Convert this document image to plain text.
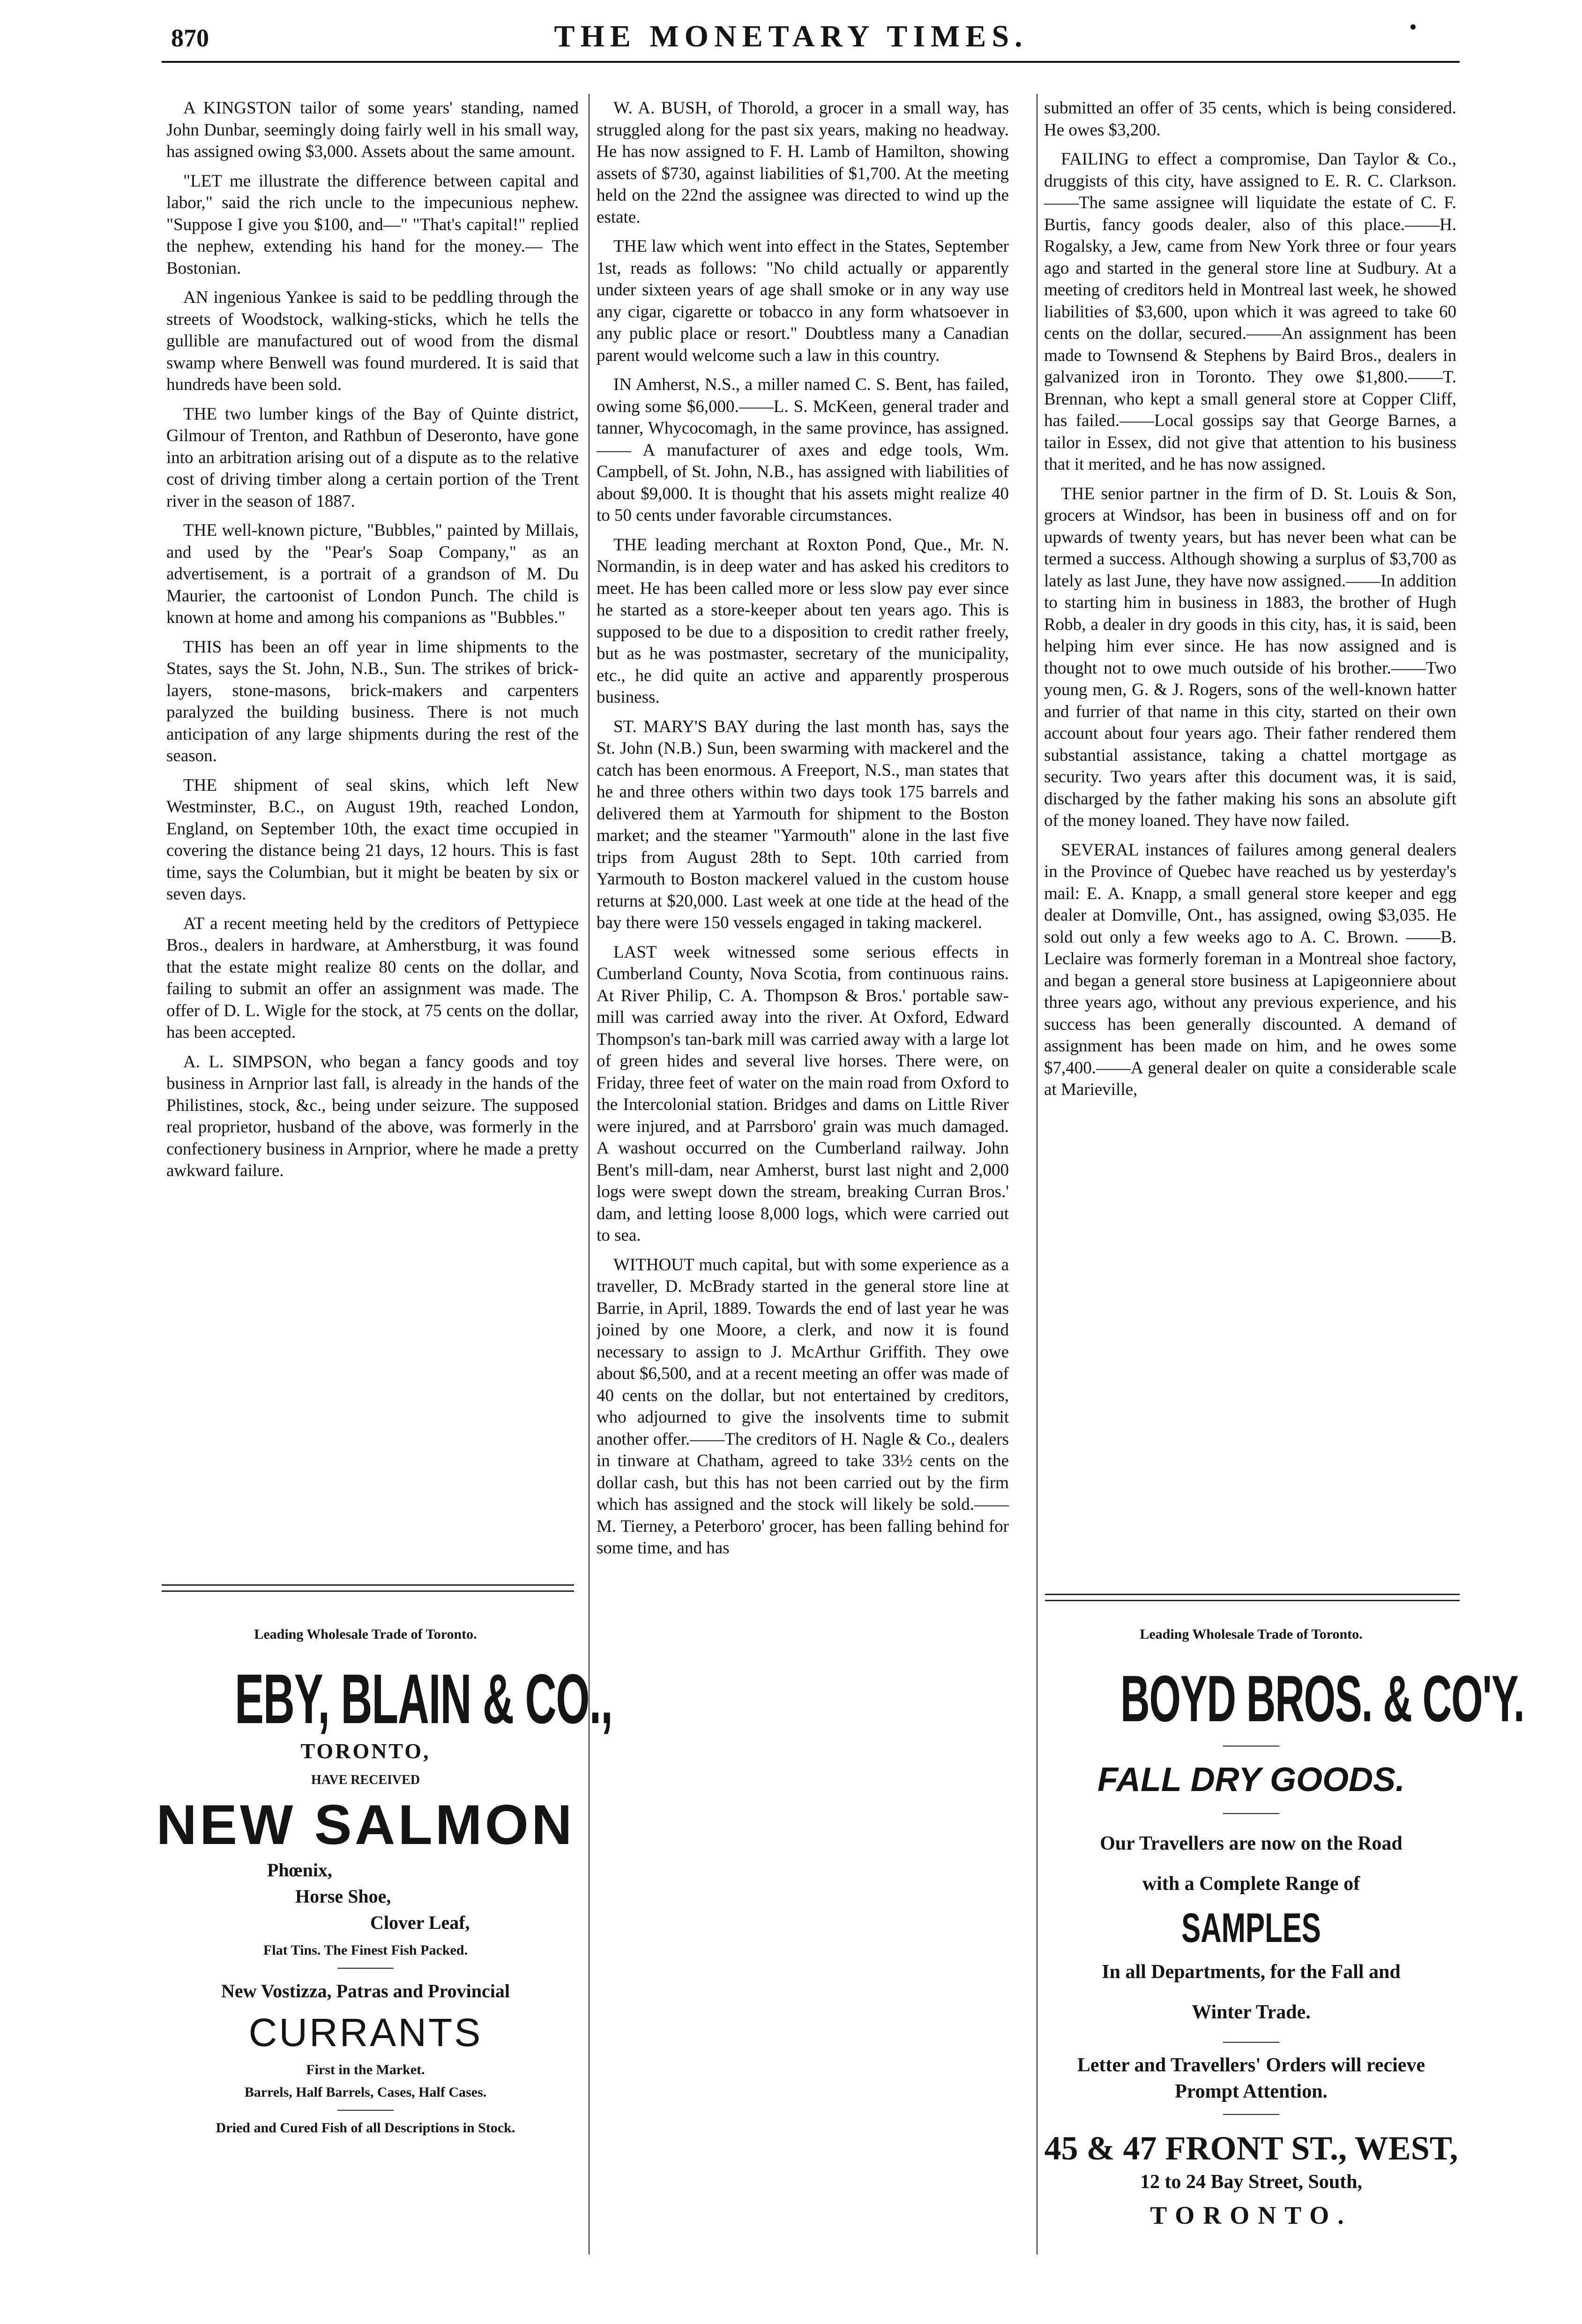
870	THE MONETARY TIMES.

A KINGSTON tailor of some years' standing, named John Dunbar, seemingly doing fairly well in his small way, has assigned owing $3,000. Assets about the same amount.

"LET me illustrate the difference between capital and labor," said the rich uncle to the impecunious nephew. "Suppose I give you $100, and—" "That's capital!" replied the nephew, extending his hand for the money.— The Bostonian.

AN ingenious Yankee is said to be peddling through the streets of Woodstock, walking-sticks, which he tells the gullible are manufactured out of wood from the dismal swamp where Benwell was found murdered. It is said that hundreds have been sold.

THE two lumber kings of the Bay of Quinte district, Gilmour of Trenton, and Rathbun of Deseronto, have gone into an arbitration arising out of a dispute as to the relative cost of driving timber along a certain portion of the Trent river in the season of 1887.

THE well-known picture, "Bubbles," painted by Millais, and used by the "Pear's Soap Company," as an advertisement, is a portrait of a grandson of M. Du Maurier, the cartoonist of London Punch. The child is known at home and among his companions as "Bubbles."

THIS has been an off year in lime shipments to the States, says the St. John, N.B., Sun. The strikes of brick-layers, stone-masons, brick-makers and carpenters paralyzed the building business. There is not much anticipation of any large shipments during the rest of the season.

THE shipment of seal skins, which left New Westminster, B.C., on August 19th, reached London, England, on September 10th, the exact time occupied in covering the distance being 21 days, 12 hours. This is fast time, says the Columbian, but it might be beaten by six or seven days.

AT a recent meeting held by the creditors of Pettypiece Bros., dealers in hardware, at Amherstburg, it was found that the estate might realize 80 cents on the dollar, and failing to submit an offer an assignment was made. The offer of D. L. Wigle for the stock, at 75 cents on the dollar, has been accepted.

A. L. SIMPSON, who began a fancy goods and toy business in Arnprior last fall, is already in the hands of the Philistines, stock, &c., being under seizure. The supposed real proprietor, husband of the above, was formerly in the confectionery business in Arnprior, where he made a pretty awkward failure.

W. A. BUSH, of Thorold, a grocer in a small way, has struggled along for the past six years, making no headway. He has now assigned to F. H. Lamb of Hamilton, showing assets of $730, against liabilities of $1,700. At the meeting held on the 22nd the assignee was directed to wind up the estate.

THE law which went into effect in the States, September 1st, reads as follows: "No child actually or apparently under sixteen years of age shall smoke or in any way use any cigar, cigarette or tobacco in any form whatsoever in any public place or resort." Doubtless many a Canadian parent would welcome such a law in this country.

IN Amherst, N.S., a miller named C. S. Bent, has failed, owing some $6,000.——L. S. McKeen, general trader and tanner, Whycocomagh, in the same province, has assigned.—— A manufacturer of axes and edge tools, Wm. Campbell, of St. John, N.B., has assigned with liabilities of about $9,000. It is thought that his assets might realize 40 to 50 cents under favorable circumstances.

THE leading merchant at Roxton Pond, Que., Mr. N. Normandin, is in deep water and has asked his creditors to meet. He has been called more or less slow pay ever since he started as a store-keeper about ten years ago. This is supposed to be due to a disposition to credit rather freely, but as he was postmaster, secretary of the municipality, etc., he did quite an active and apparently prosperous business.

ST. MARY'S BAY during the last month has, says the St. John (N.B.) Sun, been swarming with mackerel and the catch has been enormous. A Freeport, N.S., man states that he and three others within two days took 175 barrels and delivered them at Yarmouth for shipment to the Boston market; and the steamer "Yarmouth" alone in the last five trips from August 28th to Sept. 10th carried from Yarmouth to Boston mackerel valued in the custom house returns at $20,000. Last week at one tide at the head of the bay there were 150 vessels engaged in taking mackerel.

LAST week witnessed some serious effects in Cumberland County, Nova Scotia, from continuous rains. At River Philip, C. A. Thompson & Bros.' portable saw-mill was carried away into the river. At Oxford, Edward Thompson's tan-bark mill was carried away with a large lot of green hides and several live horses. There were, on Friday, three feet of water on the main road from Oxford to the Intercolonial station. Bridges and dams on Little River were injured, and at Parrsboro' grain was much damaged. A washout occurred on the Cumberland railway. John Bent's mill-dam, near Amherst, burst last night and 2,000 logs were swept down the stream, breaking Curran Bros.' dam, and letting loose 8,000 logs, which were carried out to sea.

WITHOUT much capital, but with some experience as a traveller, D. McBrady started in the general store line at Barrie, in April, 1889. Towards the end of last year he was joined by one Moore, a clerk, and now it is found necessary to assign to J. McArthur Griffith. They owe about $6,500, and at a recent meeting an offer was made of 40 cents on the dollar, but not entertained by creditors, who adjourned to give the insolvents time to submit another offer.——The creditors of H. Nagle & Co., dealers in tinware at Chatham, agreed to take 33½ cents on the dollar cash, but this has not been carried out by the firm which has assigned and the stock will likely be sold.——M. Tierney, a Peterboro' grocer, has been falling behind for some time, and has

submitted an offer of 35 cents, which is being considered. He owes $3,200.

FAILING to effect a compromise, Dan Taylor & Co., druggists of this city, have assigned to E. R. C. Clarkson.——The same assignee will liquidate the estate of C. F. Burtis, fancy goods dealer, also of this place.——H. Rogalsky, a Jew, came from New York three or four years ago and started in the general store line at Sudbury. At a meeting of creditors held in Montreal last week, he showed liabilities of $3,600, upon which it was agreed to take 60 cents on the dollar, secured.——An assignment has been made to Townsend & Stephens by Baird Bros., dealers in galvanized iron in Toronto. They owe $1,800.——T. Brennan, who kept a small general store at Copper Cliff, has failed.——Local gossips say that George Barnes, a tailor in Essex, did not give that attention to his business that it merited, and he has now assigned.

THE senior partner in the firm of D. St. Louis & Son, grocers at Windsor, has been in business off and on for upwards of twenty years, but has never been what can be termed a success. Although showing a surplus of $3,700 as lately as last June, they have now assigned.——In addition to starting him in business in 1883, the brother of Hugh Robb, a dealer in dry goods in this city, has, it is said, been helping him ever since. He has now assigned and is thought not to owe much outside of his brother.——Two young men, G. & J. Rogers, sons of the well-known hatter and furrier of that name in this city, started on their own account about four years ago. Their father rendered them substantial assistance, taking a chattel mortgage as security. Two years after this document was, it is said, discharged by the father making his sons an absolute gift of the money loaned. They have now failed.

SEVERAL instances of failures among general dealers in the Province of Quebec have reached us by yesterday's mail: E. A. Knapp, a small general store keeper and egg dealer at Domville, Ont., has assigned, owing $3,035. He sold out only a few weeks ago to A. C. Brown. ——B. Leclaire was formerly foreman in a Montreal shoe factory, and began a general store business at Lapigeonniere about three years ago, without any previous experience, and his success has been generally discounted. A demand of assignment has been made on him, and he owes some $7,400.——A general dealer on quite a considerable scale at Marieville,

Leading Wholesale Trade of Toronto.
EBY, BLAIN & CO.,
TORONTO,
HAVE RECEIVED
NEW SALMON
Phœnix,
Horse Shoe,
Clover Leaf,
Flat Tins. The Finest Fish Packed.
New Vostizza, Patras and Provincial
CURRANTS
First in the Market.
Barrels, Half Barrels, Cases, Half Cases.
Dried and Cured Fish of all Descriptions in Stock.
Leading Wholesale Trade of Toronto.
BOYD BROS. & CO'Y.
FALL DRY GOODS.
Our Travellers are now on the Road
with a Complete Range of
SAMPLES
In all Departments, for the Fall and
Winter Trade.
Letter and Travellers' Orders will recieve
Prompt Attention.
45 & 47 FRONT ST., WEST,
12 to 24 Bay Street, South,
TORONTO.
